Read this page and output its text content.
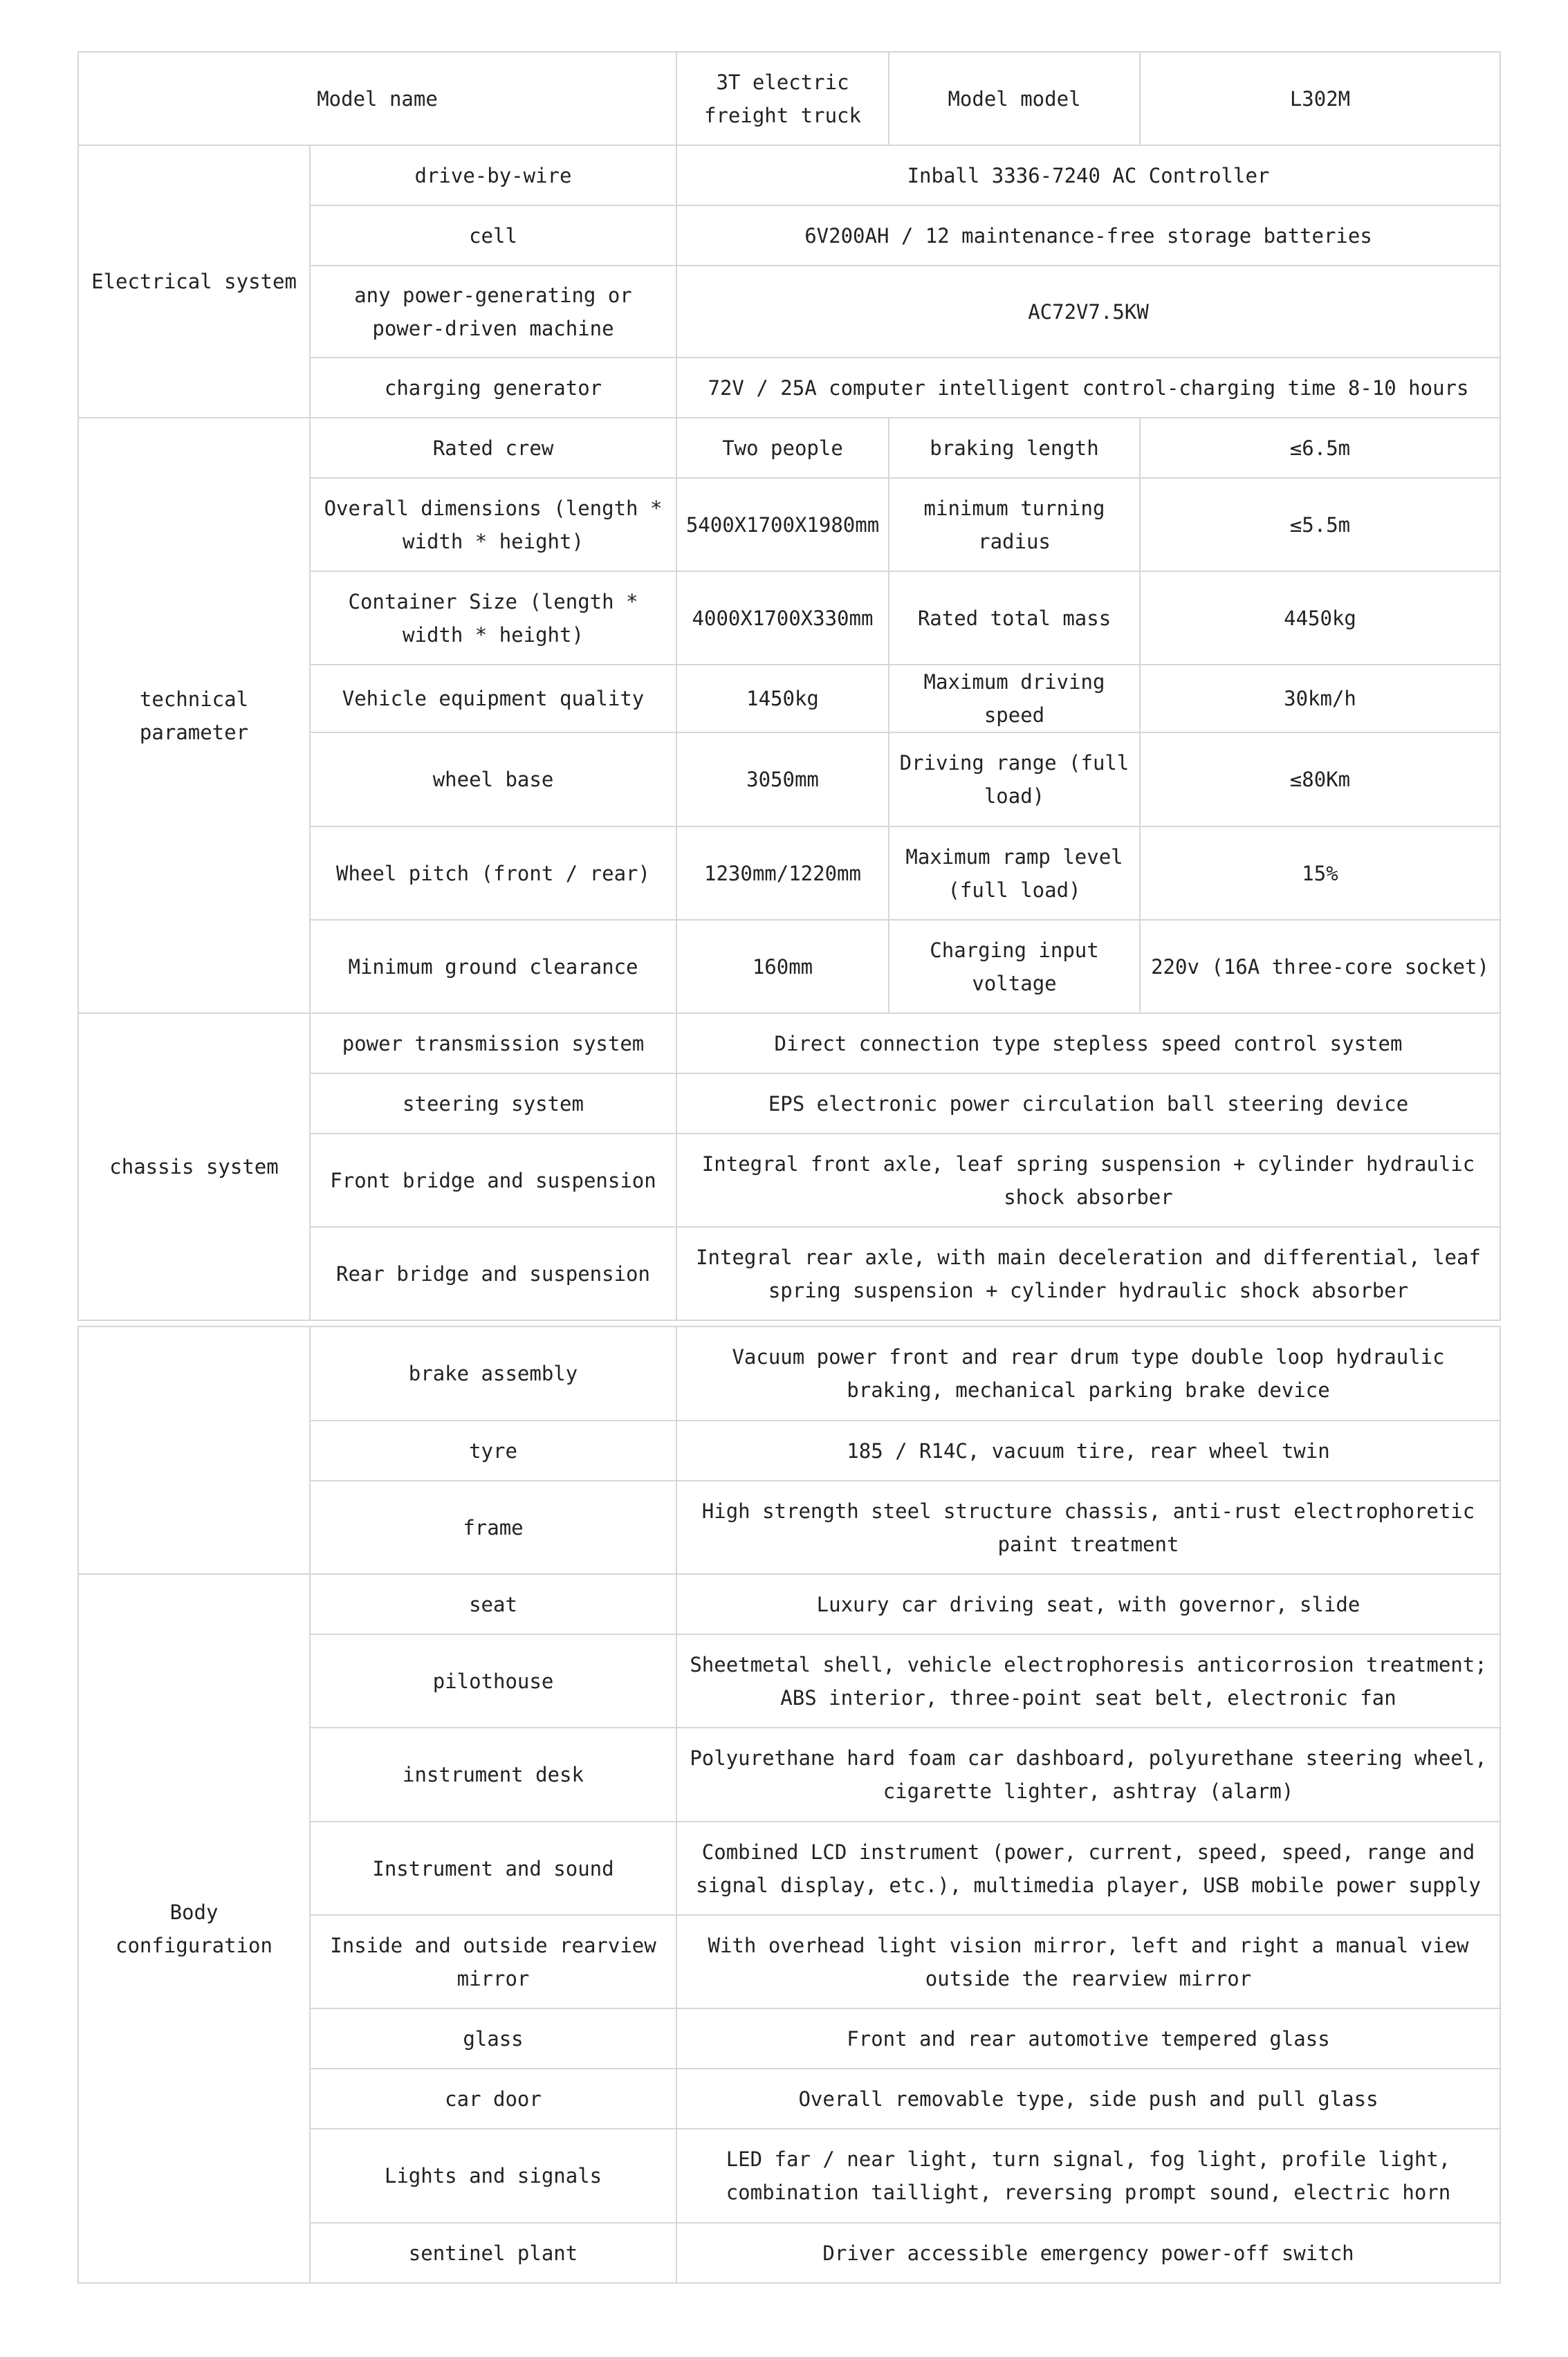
Model name		3T electric freight truck	Model model	L302M
Electrical system	drive-by-wire	Inball 3336-7240 AC Controller		
	cell	6V200AH / 12 maintenance-free storage batteries		
	any power-generating or power-driven machine	AC72V7.5KW		
	charging generator	72V / 25A computer intelligent control-charging time 8-10 hours		
technical parameter	Rated crew	Two people	braking length	≤6.5m
	Overall dimensions (length * width * height)	5400X1700X1980mm	minimum turning radius	≤5.5m
	Container Size (length * width * height)	4000X1700X330mm	Rated total mass	4450kg
	Vehicle equipment quality	1450kg	Maximum driving speed	30km/h
	wheel base	3050mm	Driving range (full load)	≤80Km
	Wheel pitch (front / rear)	1230mm/1220mm	Maximum ramp level (full load)	15%
	Minimum ground clearance	160mm	Charging input voltage	220v (16A three-core socket)
chassis system	power transmission system	Direct connection type stepless speed control system		
	steering system	EPS electronic power circulation ball steering device		
	Front bridge and suspension	Integral front axle, leaf spring suspension + cylinder hydraulic shock absorber		
	Rear bridge and suspension	Integral rear axle, with main deceleration and differential, leaf spring suspension + cylinder hydraulic shock absorber		
	brake assembly	Vacuum power front and rear drum type double loop hydraulic braking, mechanical parking brake device
	tyre	185 / R14C, vacuum tire, rear wheel twin
	frame	High strength steel structure chassis, anti-rust electrophoretic paint treatment
Body configuration	seat	Luxury car driving seat, with governor, slide
	pilothouse	Sheetmetal shell, vehicle electrophoresis anticorrosion treatment; ABS interior, three-point seat belt, electronic fan
	instrument desk	Polyurethane hard foam car dashboard, polyurethane steering wheel, cigarette lighter, ashtray (alarm)
	Instrument and sound	Combined LCD instrument (power, current, speed, speed, range and signal display, etc.), multimedia player, USB mobile power supply
	Inside and outside rearview mirror	With overhead light vision mirror, left and right a manual view outside the rearview mirror
	glass	Front and rear automotive tempered glass
	car door	Overall removable type, side push and pull glass
	Lights and signals	LED far / near light, turn signal, fog light, profile light, combination taillight, reversing prompt sound, electric horn
	sentinel plant	Driver accessible emergency power-off switch
